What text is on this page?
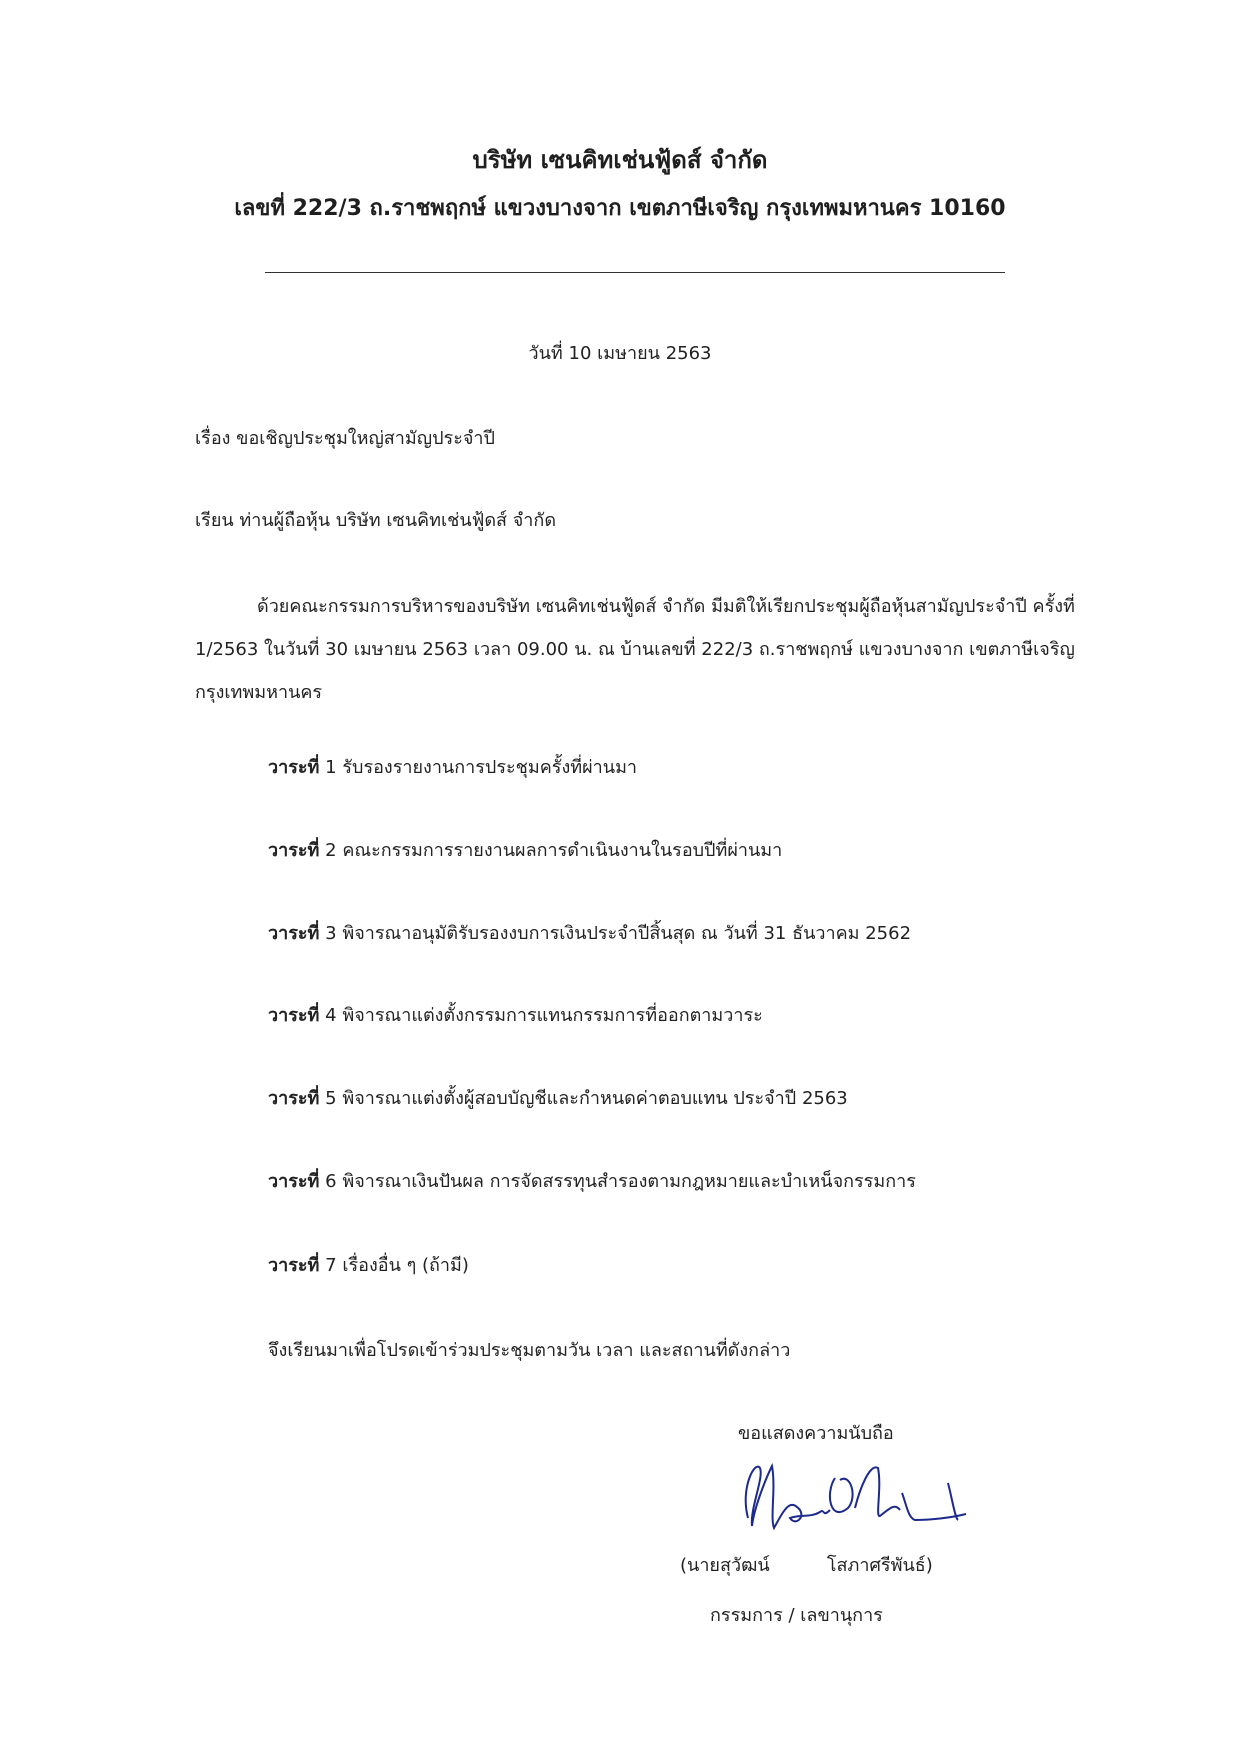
บริษัท เซนคิทเช่นฟู้ดส์ จำกัด
เลขที่ 222/3 ถ.ราชพฤกษ์ แขวงบางจาก เขตภาษีเจริญ กรุงเทพมหานคร 10160
วันที่ 10 เมษายน 2563
เรื่อง ขอเชิญประชุมใหญ่สามัญประจำปี
เรียน ท่านผู้ถือหุ้น บริษัท เซนคิทเช่นฟู้ดส์ จำกัด
ด้วยคณะกรรมการบริหารของบริษัท เซนคิทเช่นฟู้ดส์ จำกัด มีมติให้เรียกประชุมผู้ถือหุ้นสามัญประจำปี ครั้งที่ 1/2563 ในวันที่ 30 เมษายน 2563 เวลา 09.00 น. ณ บ้านเลขที่ 222/3 ถ.ราชพฤกษ์ แขวงบางจาก เขตภาษีเจริญ กรุงเทพมหานคร
วาระที่ 1 รับรองรายงานการประชุมครั้งที่ผ่านมา
วาระที่ 2 คณะกรรมการรายงานผลการดำเนินงานในรอบปีที่ผ่านมา
วาระที่ 3 พิจารณาอนุมัติรับรองงบการเงินประจำปีสิ้นสุด ณ วันที่ 31 ธันวาคม 2562
วาระที่ 4 พิจารณาแต่งตั้งกรรมการแทนกรรมการที่ออกตามวาระ
วาระที่ 5 พิจารณาแต่งตั้งผู้สอบบัญชีและกำหนดค่าตอบแทน ประจำปี 2563
วาระที่ 6 พิจารณาเงินปันผล การจัดสรรทุนสำรองตามกฎหมายและบำเหน็จกรรมการ
วาระที่ 7 เรื่องอื่น ๆ (ถ้ามี)
จึงเรียนมาเพื่อโปรดเข้าร่วมประชุมตามวัน เวลา และสถานที่ดังกล่าว
ขอแสดงความนับถือ
(นายสุวัฒน์          โสภาศรีพันธ์)
กรรมการ / เลขานุการ
